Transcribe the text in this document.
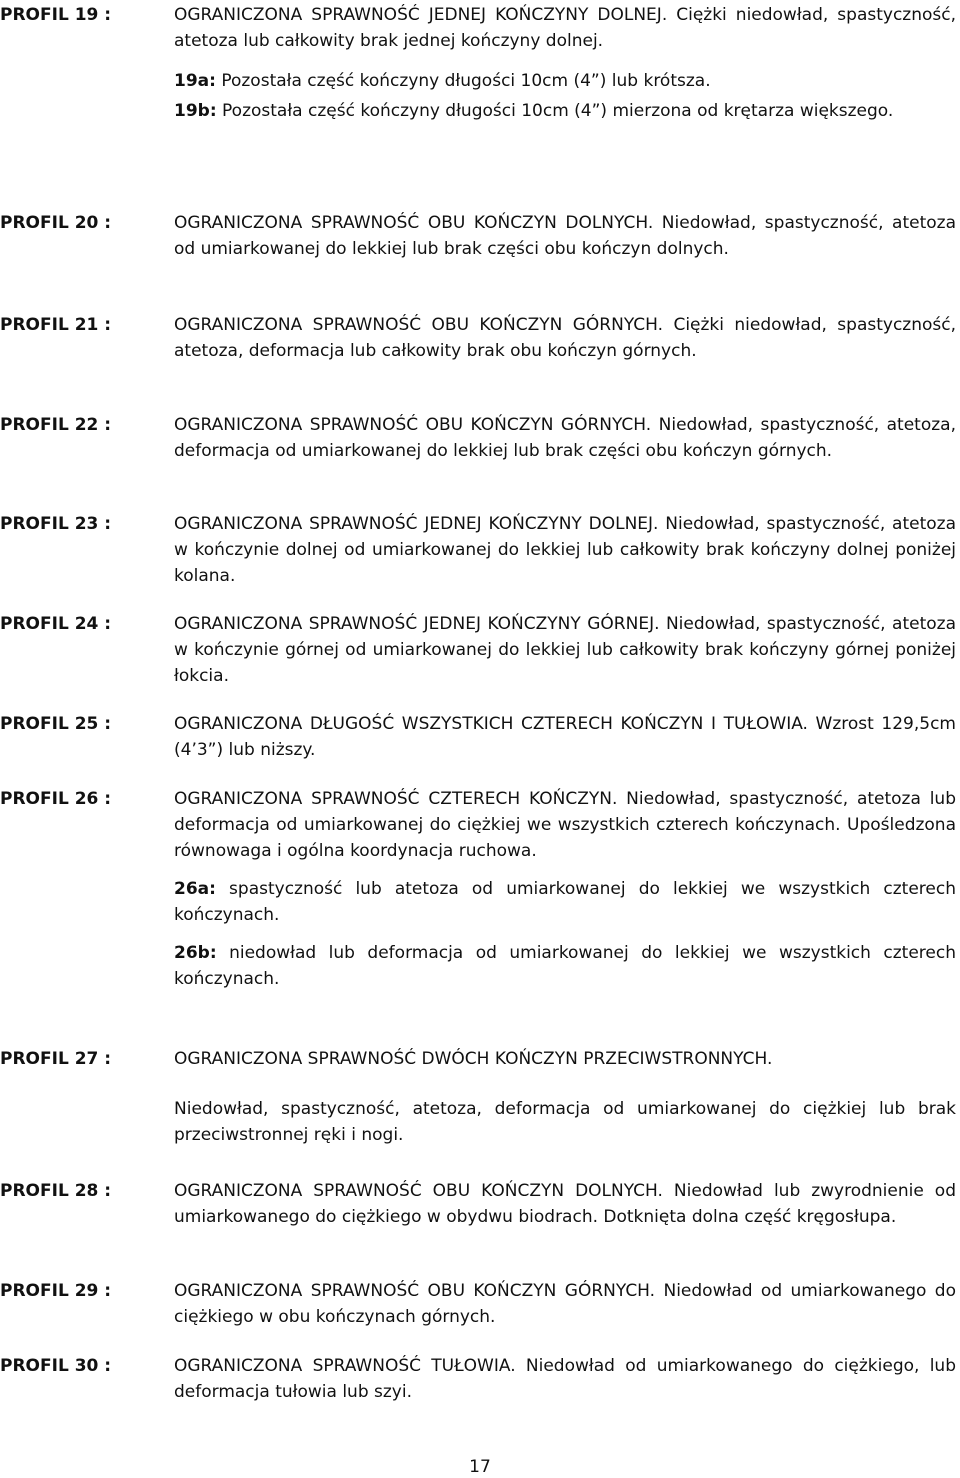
PROFIL 19 :	OGRANICZONA SPRAWNOŚĆ JEDNEJ KOŃCZYNY DOLNEJ. Ciężki niedowład, spastyczność, atetoza lub całkowity brak jednej kończyny dolnej.

19a: Pozostała część kończyny długości 10cm (4”) lub krótsza.

19b: Pozostała część kończyny długości 10cm (4”) mierzona od krętarza większego.

PROFIL 20 :	OGRANICZONA SPRAWNOŚĆ OBU KOŃCZYN DOLNYCH. Niedowład, spastyczność, atetoza od umiarkowanej do lekkiej lub brak części obu kończyn dolnych.

PROFIL 21 :	OGRANICZONA SPRAWNOŚĆ OBU KOŃCZYN GÓRNYCH. Ciężki niedowład, spastyczność, atetoza, deformacja lub całkowity brak obu kończyn górnych.

PROFIL 22 :	OGRANICZONA SPRAWNOŚĆ OBU KOŃCZYN GÓRNYCH. Niedowład, spastyczność, atetoza, deformacja od umiarkowanej do lekkiej lub brak części obu kończyn górnych.

PROFIL 23 :	OGRANICZONA SPRAWNOŚĆ JEDNEJ KOŃCZYNY DOLNEJ. Niedowład, spastyczność, atetoza w kończynie dolnej od umiarkowanej do lekkiej lub całkowity brak kończyny dolnej poniżej kolana.

PROFIL 24 :	OGRANICZONA SPRAWNOŚĆ JEDNEJ KOŃCZYNY GÓRNEJ. Niedowład, spastyczność, atetoza w kończynie górnej od umiarkowanej do lekkiej lub całkowity brak kończyny górnej poniżej łokcia.

PROFIL 25 :	OGRANICZONA DŁUGOŚĆ WSZYSTKICH CZTERECH KOŃCZYN I TUŁOWIA. Wzrost 129,5cm (4’3”) lub niższy.

PROFIL 26 :	OGRANICZONA SPRAWNOŚĆ CZTERECH KOŃCZYN. Niedowład, spastyczność, atetoza lub deformacja od umiarkowanej do ciężkiej we wszystkich czterech kończynach. Upośledzona równowaga i ogólna koordynacja ruchowa.

26a: spastyczność lub atetoza od umiarkowanej do lekkiej we wszystkich czterech kończynach.

26b: niedowład lub deformacja od umiarkowanej do lekkiej we wszystkich czterech kończynach.

PROFIL 27 :	OGRANICZONA SPRAWNOŚĆ DWÓCH KOŃCZYN PRZECIWSTRONNYCH.

Niedowład, spastyczność, atetoza, deformacja od umiarkowanej do ciężkiej lub brak przeciwstronnej ręki i nogi.

PROFIL 28 :	OGRANICZONA SPRAWNOŚĆ OBU KOŃCZYN DOLNYCH. Niedowład lub zwyrodnienie od umiarkowanego do ciężkiego w obydwu biodrach. Dotknięta dolna część kręgosłupa.

PROFIL 29 :	OGRANICZONA SPRAWNOŚĆ OBU KOŃCZYN GÓRNYCH. Niedowład od umiarkowanego do ciężkiego w obu kończynach górnych.

PROFIL 30 :	OGRANICZONA SPRAWNOŚĆ TUŁOWIA. Niedowład od umiarkowanego do ciężkiego, lub deformacja tułowia lub szyi.

17
